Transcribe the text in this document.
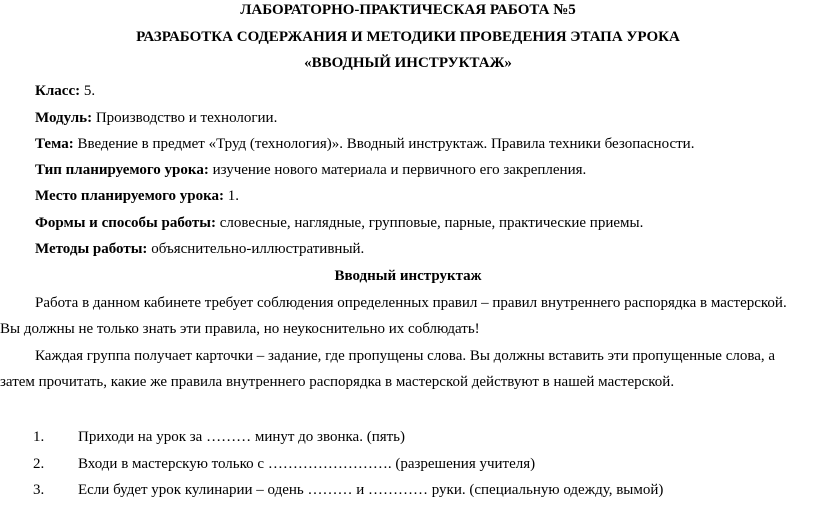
ЛАБОРАТОРНО-ПРАКТИЧЕСКАЯ РАБОТА №5
РАЗРАБОТКА СОДЕРЖАНИЯ И МЕТОДИКИ ПРОВЕДЕНИЯ ЭТАПА УРОКА
«ВВОДНЫЙ ИНСТРУКТАЖ»
Класс: 5.
Модуль: Производство и технологии.
Тема: Введение в предмет «Труд (технология)». Вводный инструктаж. Правила техники безопасности.
Тип планируемого урока: изучение нового материала и первичного его закрепления.
Место планируемого урока: 1.
Формы и способы работы: словесные, наглядные, групповые, парные, практические приемы.
Методы работы: объяснительно-иллюстративный.
Вводный инструктаж
Работа в данном кабинете требует соблюдения определенных правил – правил внутреннего распорядка в мастерской.
Вы должны не только знать эти правила, но неукоснительно их соблюдать!
Каждая группа получает карточки – задание, где пропущены слова. Вы должны вставить эти пропущенные слова, а
затем прочитать, какие же правила внутреннего распорядка в мастерской действуют в нашей мастерской.
1. Приходи на урок за ……… минут до звонка. (пять)
2. Входи в мастерскую только с ……………………. (разрешения учителя)
3. Если будет урок кулинарии – одень ……… и ………… руки. (специальную одежду, вымой)
